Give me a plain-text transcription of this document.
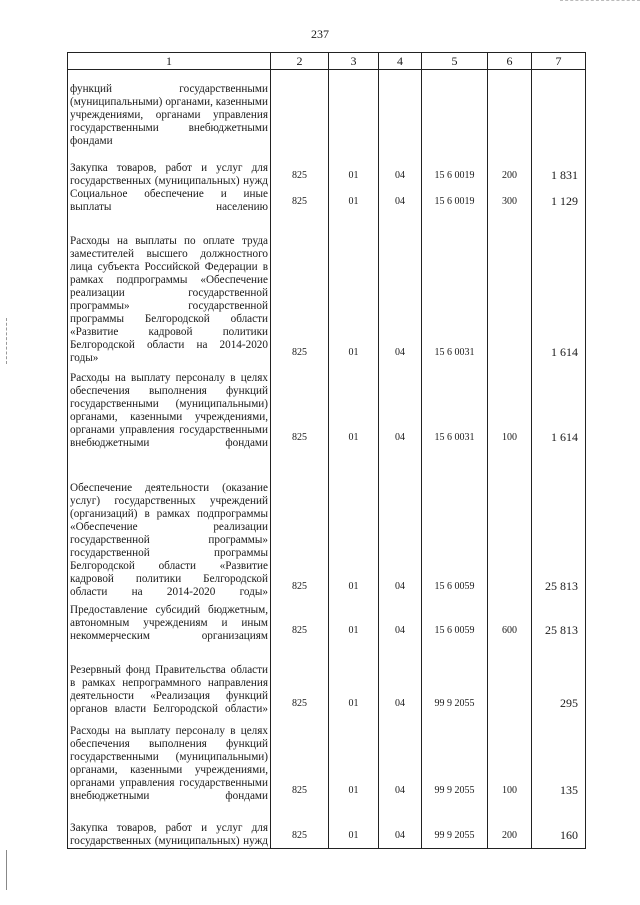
237
1	2	3	4	5	6	7
функций государственными (муниципальными) органами, казенными учреждениями, органами управления государственными внебюджетными фондами						
Закупка товаров, работ и услуг для государственных (муниципальных) нужд	825	01	04	15 6 0019	200	1 831
Социальное обеспечение и иные выплаты населению	825	01	04	15 6 0019	300	1 129
Расходы на выплаты по оплате труда заместителей высшего должностного лица субъекта Российской Федерации в рамках подпрограммы «Обеспечение реализации государственной программы» государственной программы Белгородской области «Развитие кадровой политики Белгородской области на 2014-2020 годы»	825	01	04	15 6 0031		1 614
Расходы на выплату персоналу в целях обеспечения выполнения функций государственными (муниципальными) органами, казенными учреждениями, органами управления государственными внебюджетными фондами	825	01	04	15 6 0031	100	1 614
Обеспечение деятельности (оказание услуг) государственных учреждений (организаций) в рамках подпрограммы «Обеспечение реализации государственной программы» государственной программы Белгородской области «Развитие кадровой политики Белгородской области на 2014-2020 годы»	825	01	04	15 6 0059		25 813
Предоставление субсидий бюджетным, автономным учреждениям и иным некоммерческим организациям	825	01	04	15 6 0059	600	25 813
Резервный фонд Правительства области в рамках непрограммного направления деятельности «Реализация функций органов власти Белгородской области»	825	01	04	99 9 2055		295
Расходы на выплату персоналу в целях обеспечения выполнения функций государственными (муниципальными) органами, казенными учреждениями, органами управления государственными внебюджетными фондами	825	01	04	99 9 2055	100	135
Закупка товаров, работ и услуг для государственных (муниципальных) нужд	825	01	04	99 9 2055	200	160
